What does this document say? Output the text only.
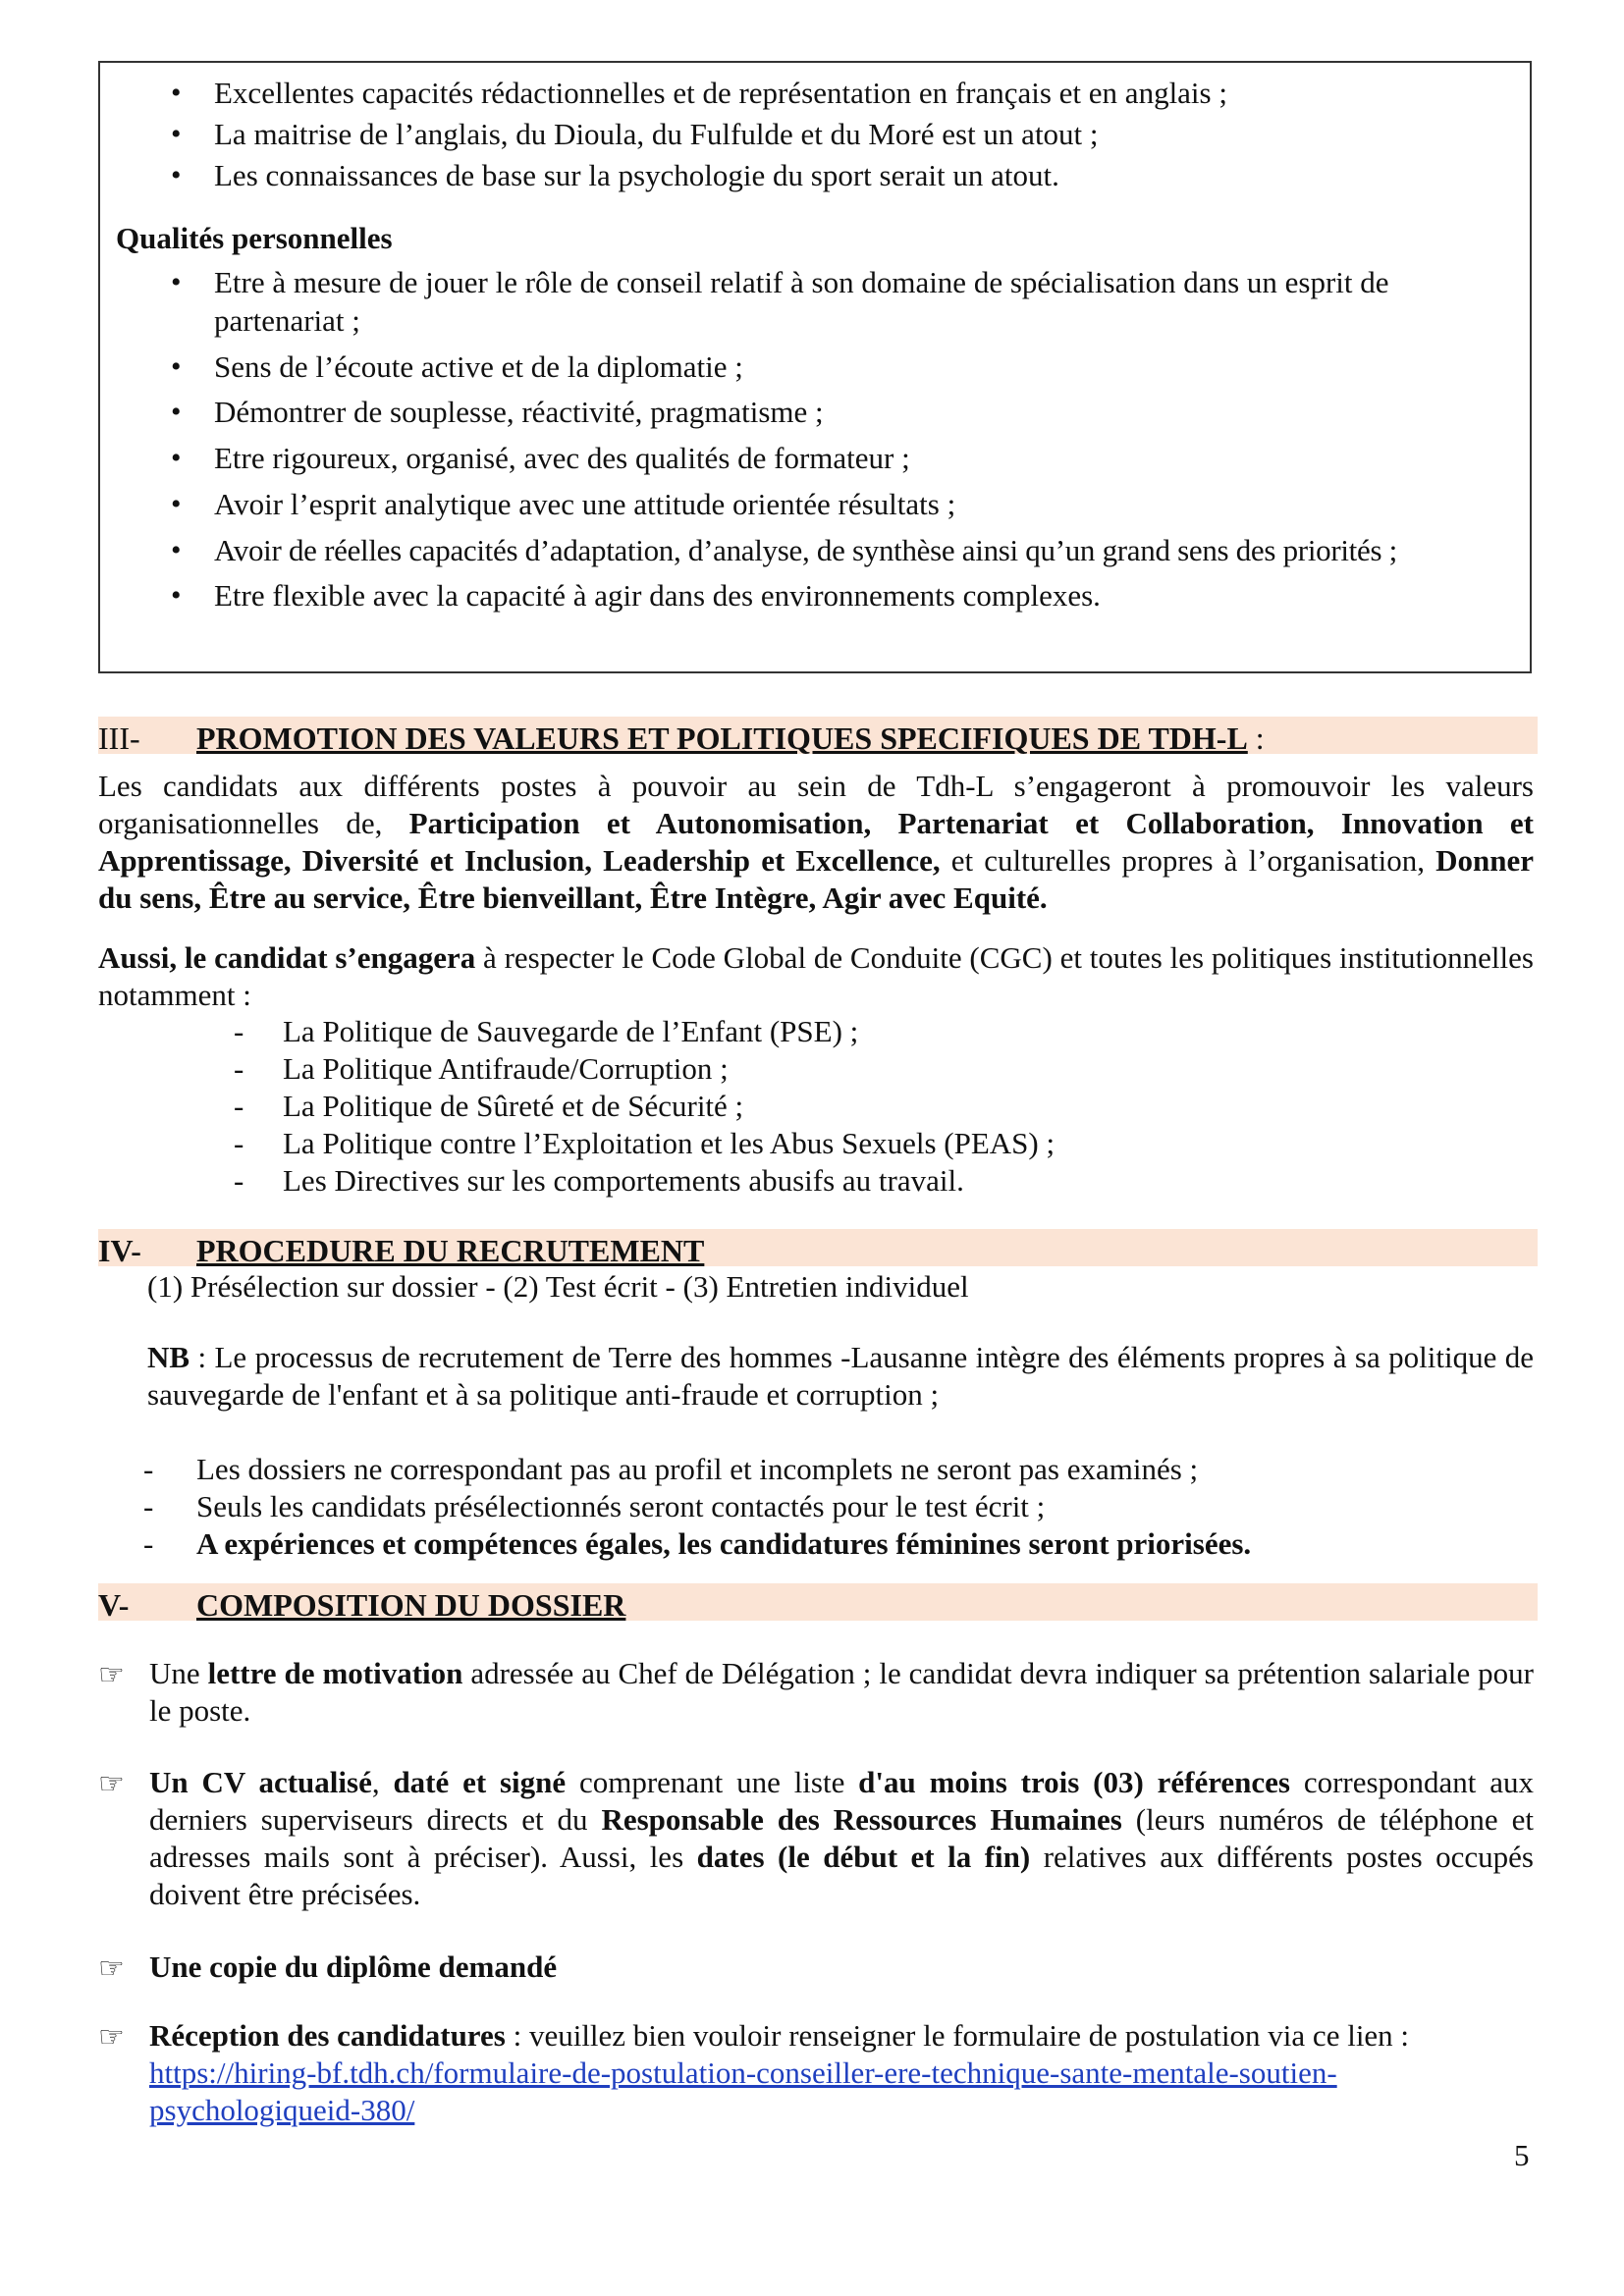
• Excellentes capacités rédactionnelles et de représentation en français et en anglais ;
• La maitrise de l’anglais, du Dioula, du Fulfulde et du Moré est un atout ;
• Les connaissances de base sur la psychologie du sport serait un atout.
Qualités personnelles
• Etre à mesure de jouer le rôle de conseil relatif à son domaine de spécialisation dans un esprit de partenariat ;
• Sens de l’écoute active et de la diplomatie ;
• Démontrer de souplesse, réactivité, pragmatisme ;
• Etre rigoureux, organisé, avec des qualités de formateur ;
• Avoir l’esprit analytique avec une attitude orientée résultats ;
• Avoir de réelles capacités d’adaptation, d’analyse, de synthèse ainsi qu’un grand sens des priorités ;
• Etre flexible avec la capacité à agir dans des environnements complexes.
III- PROMOTION DES VALEURS ET POLITIQUES SPECIFIQUES DE TDH-L :
Les candidats aux différents postes à pouvoir au sein de Tdh-L s’engageront à promouvoir les valeurs organisationnelles de, Participation et Autonomisation, Partenariat et Collaboration, Innovation et Apprentissage, Diversité et Inclusion, Leadership et Excellence, et culturelles propres à l’organisation, Donner du sens, Être au service, Être bienveillant, Être Intègre, Agir avec Equité.
Aussi, le candidat s’engagera à respecter le Code Global de Conduite (CGC) et toutes les politiques institutionnelles notamment :
- La Politique de Sauvegarde de l’Enfant (PSE) ;
- La Politique Antifraude/Corruption ;
- La Politique de Sûreté et de Sécurité ;
- La Politique contre l’Exploitation et les Abus Sexuels (PEAS) ;
- Les Directives sur les comportements abusifs au travail.
IV- PROCEDURE DU RECRUTEMENT
(1) Présélection sur dossier - (2) Test écrit - (3) Entretien individuel
NB : Le processus de recrutement de Terre des hommes -Lausanne intègre des éléments propres à sa politique de sauvegarde de l'enfant et à sa politique anti-fraude et corruption ;
- Les dossiers ne correspondant pas au profil et incomplets ne seront pas examinés ;
- Seuls les candidats présélectionnés seront contactés pour le test écrit ;
- A expériences et compétences égales, les candidatures féminines seront priorisées.
V- COMPOSITION DU DOSSIER
☞ Une lettre de motivation adressée au Chef de Délégation ; le candidat devra indiquer sa prétention salariale pour le poste.
☞ Un CV actualisé, daté et signé comprenant une liste d'au moins trois (03) références correspondant aux derniers superviseurs directs et du Responsable des Ressources Humaines (leurs numéros de téléphone et adresses mails sont à préciser). Aussi, les dates (le début et la fin) relatives aux différents postes occupés doivent être précisées.
☞ Une copie du diplôme demandé
☞ Réception des candidatures : veuillez bien vouloir renseigner le formulaire de postulation via ce lien :
https://hiring-bf.tdh.ch/formulaire-de-postulation-conseiller-ere-technique-sante-mentale-soutien-
psychologiqueid-380/
5
